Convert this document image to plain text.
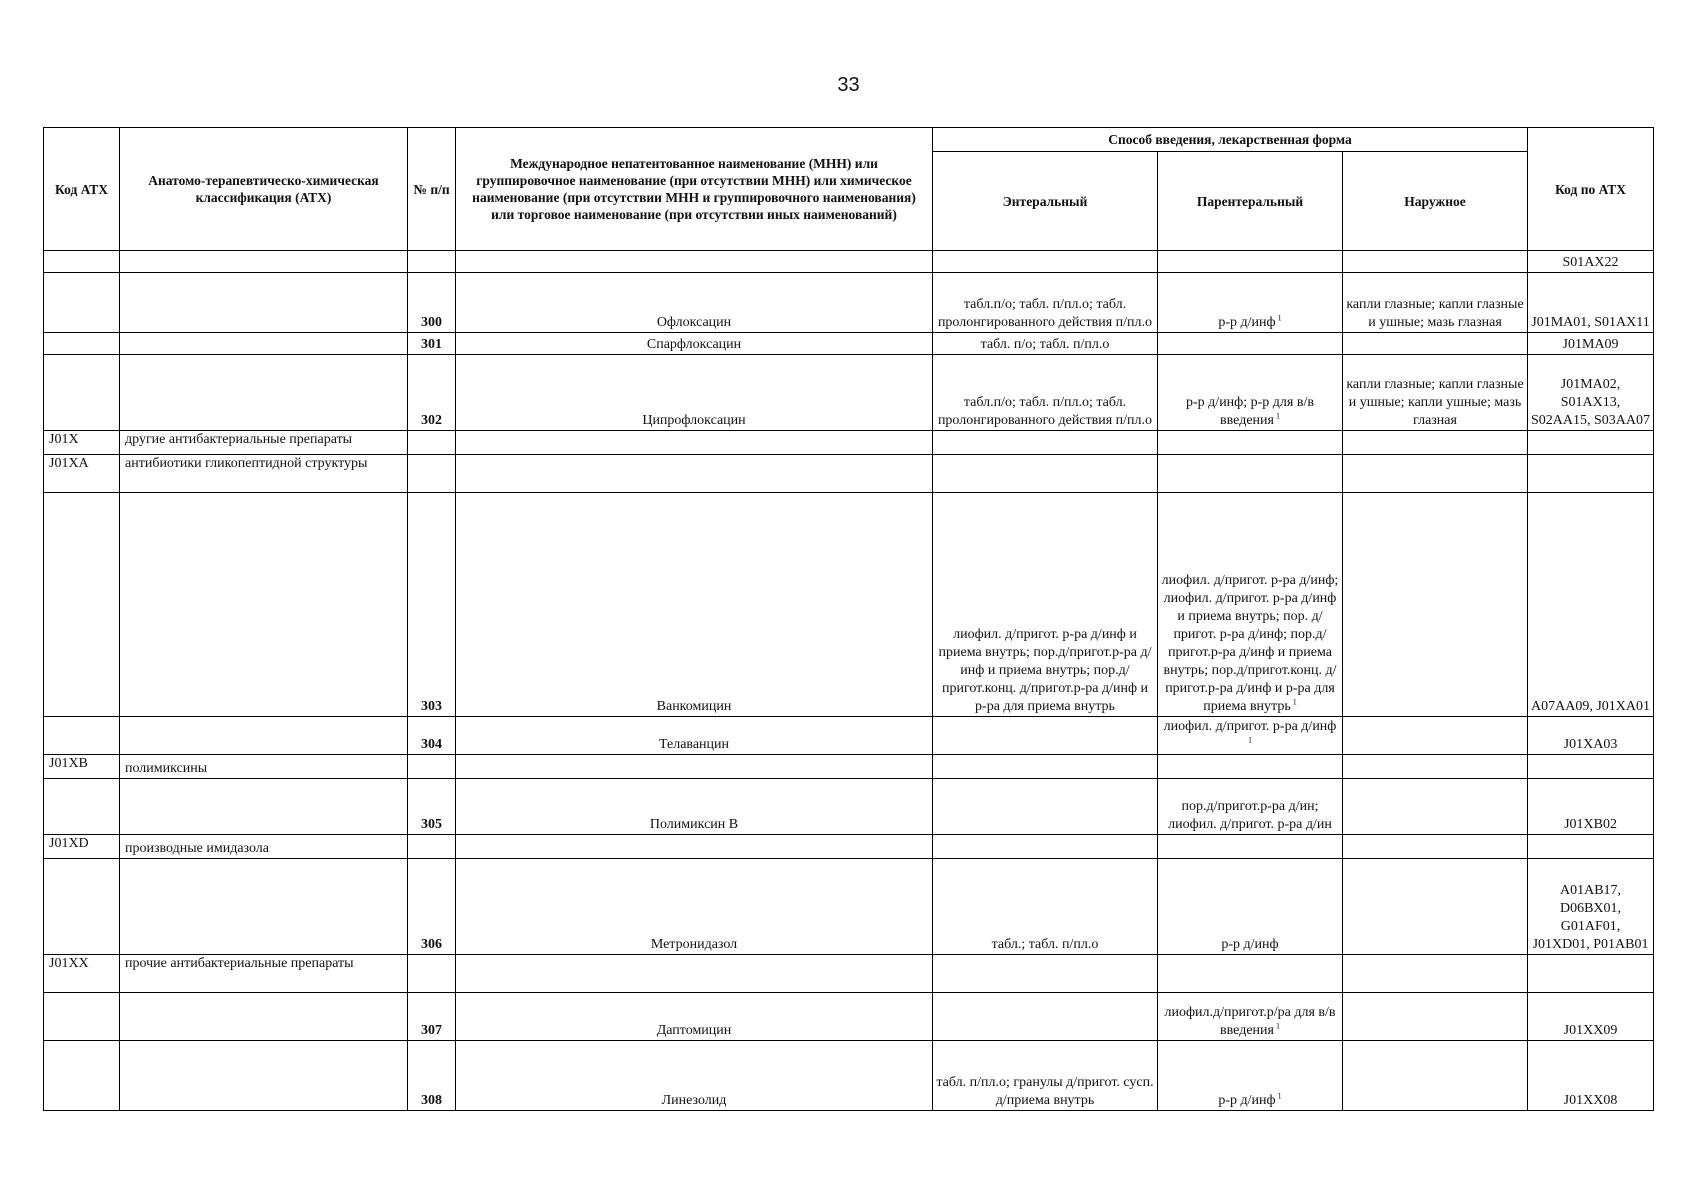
33
Код АТХ	Анатомо-терапевтическо-химическая классификация (АТХ)	№ п/п	Международное непатентованное наименование (МНН) или группировочное наименование (при отсутствии МНН) или химическое наименование (при отсутствии МНН и группировочного наименования) или торговое наименование (при отсутствии иных наименований)	Способ введения, лекарственная форма			Код по АТХ
				Энтеральный	Парентеральный	Наружное	
							S01AX22
		300	Офлоксацин	табл.п/о; табл. п/пл.о; табл. пролонгированного действия п/пл.о	р-р д/инф $^1$	капли глазные; капли глазные и ушные; мазь глазная	J01MA01, S01AX11
		301	Спарфлоксацин	табл. п/о; табл. п/пл.о			J01MA09
		302	Ципрофлоксацин	табл.п/о; табл. п/пл.о; табл. пролонгированного действия п/пл.о	р-р д/инф; р-р для в/в введения $^1$	капли глазные; капли глазные и ушные; капли ушные; мазь глазная	J01MA02, S01AX13, S02AA15, S03AA07
J01X	другие антибактериальные препараты						
J01XA	антибиотики гликопептидной структуры						
		303	Ванкомицин	лиофил. д/пригот. р-ра д/инф и приема внутрь; пор.д/пригот.р-ра д/инф и приема внутрь; пор.д/пригот.конц. д/пригот.р-ра д/инф и р-ра для приема внутрь	лиофил. д/пригот. р-ра д/инф; лиофил. д/пригот. р-ра д/инф и приема внутрь; пор. д/пригот. р-ра д/инф; пор.д/пригот.р-ра д/инф и приема внутрь; пор.д/пригот.конц. д/пригот.р-ра д/инф и р-ра для приема внутрь $^1$		A07AA09, J01XA01
		304	Телаванцин		лиофил. д/пригот. р-ра д/инф $^1$		J01XA03
J01XB	полимиксины						
		305	Полимиксин B		пор.д/пригот.р-ра д/ин; лиофил. д/пригот. р-ра д/ин		J01XB02
J01XD	производные имидазола						
		306	Метронидазол	табл.; табл. п/пл.о	р-р д/инф		A01AB17, D06BX01, G01AF01, J01XD01, P01AB01
J01XX	прочие антибактериальные препараты						
		307	Даптомицин		лиофил.д/пригот.р/ра для в/в введения $^1$		J01XX09
		308	Линезолид	табл. п/пл.о; гранулы д/пригот. сусп. д/приема внутрь	р-р д/инф $^1$		J01XX08
